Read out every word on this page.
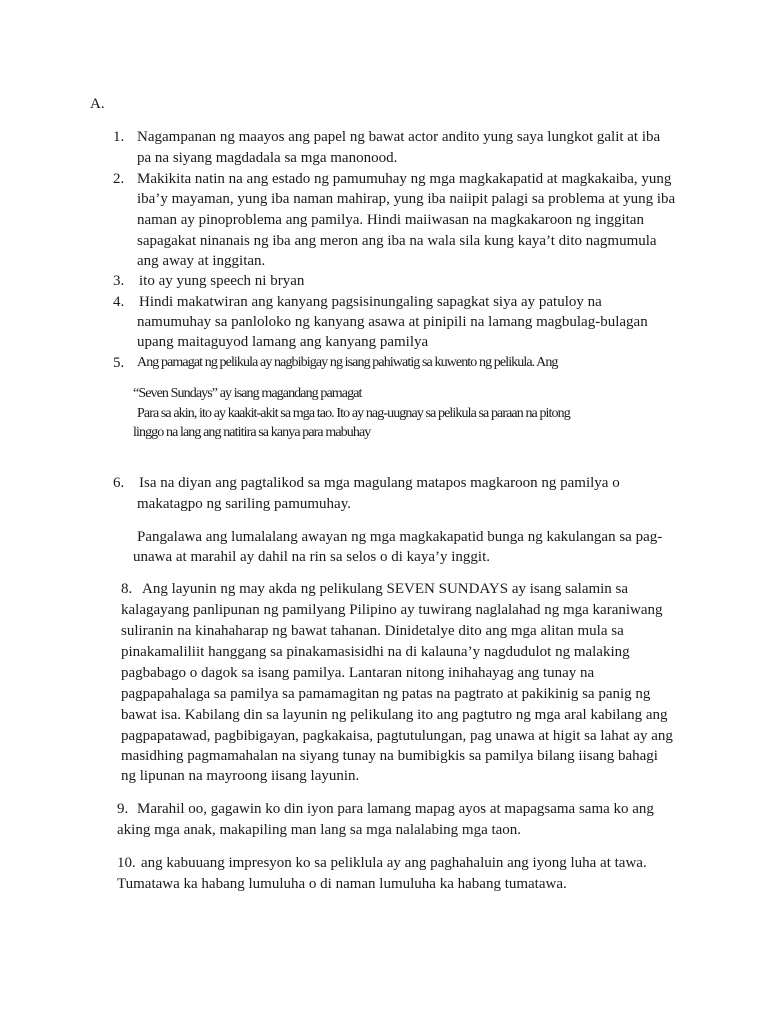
A.

1. Nagampanan ng maayos ang papel ng bawat actor andito yung saya lungkot galit at iba

pa na siyang magdadala sa mga manonood.

2. Makikita natin na ang estado ng pamumuhay ng mga magkakapatid at magkakaiba, yung

iba’y mayaman, yung iba naman mahirap, yung iba naiipit palagi sa problema at yung iba

naman ay pinoproblema ang pamilya. Hindi maiiwasan na magkakaroon ng inggitan

sapagakat ninanais ng iba ang meron ang iba na wala sila kung kaya’t dito nagmumula

ang away at inggitan.

3. ito ay yung speech ni bryan

4. Hindi makatwiran ang kanyang pagsisinungaling sapagkat siya ay patuloy na

namumuhay sa panloloko ng kanyang asawa at pinipili na lamang magbulag-bulagan

upang maitaguyod lamang ang kanyang pamilya

5. Ang pamagat ng pelikula ay nagbibigay ng isang pahiwatig sa kuwento ng pelikula. Ang

“Seven Sundays” ay isang magandang pamagat

Para sa akin, ito ay kaakit-akit sa mga tao. Ito ay nag-uugnay sa pelikula sa paraan na pitong

linggo na lang ang natitira sa kanya para mabuhay

6. Isa na diyan ang pagtalikod sa mga magulang matapos magkaroon ng pamilya o

makatagpo ng sariling pamumuhay.

Pangalawa ang lumalalang awayan ng mga magkakapatid bunga ng kakulangan sa pag-

unawa at marahil ay dahil na rin sa selos o di kaya’y inggit.

8. Ang layunin ng may akda ng pelikulang SEVEN SUNDAYS ay isang salamin sa

kalagayang panlipunan ng pamilyang Pilipino ay tuwirang naglalahad ng mga karaniwang

suliranin na kinahaharap ng bawat tahanan. Dinidetalye dito ang mga alitan mula sa

pinakamaliliit hanggang sa pinakamasisidhi na di kalauna’y nagdudulot ng malaking

pagbabago o dagok sa isang pamilya. Lantaran nitong inihahayag ang tunay na

pagpapahalaga sa pamilya sa pamamagitan ng patas na pagtrato at pakikinig sa panig ng

bawat isa. Kabilang din sa layunin ng pelikulang ito ang pagtutro ng mga aral kabilang ang

pagpapatawad, pagbibigayan, pagkakaisa, pagtutulungan, pag unawa at higit sa lahat ay ang

masidhing pagmamahalan na siyang tunay na bumibigkis sa pamilya bilang iisang bahagi

ng lipunan na mayroong iisang layunin.

9. Marahil oo, gagawin ko din iyon para lamang mapag ayos at mapagsama sama ko ang

aking mga anak, makapiling man lang sa mga nalalabing mga taon.

10. ang kabuuang impresyon ko sa peliklula ay ang paghahaluin ang iyong luha at tawa.

Tumatawa ka habang lumuluha o di naman lumuluha ka habang tumatawa.
